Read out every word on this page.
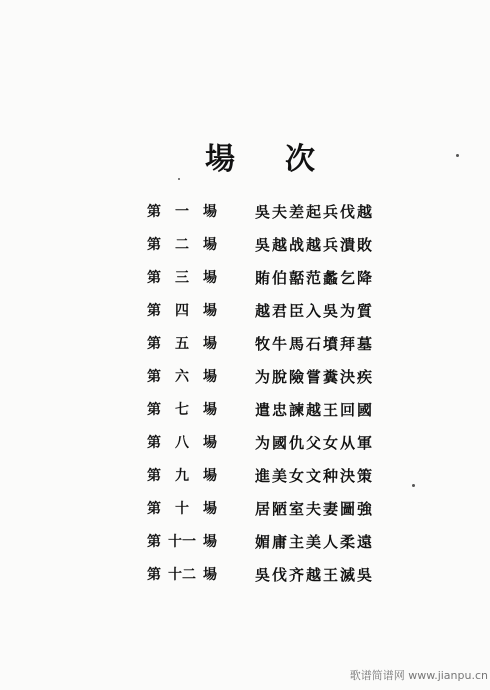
場 次
第 一 場	吳夫差起兵伐越
第 二 場	吳越战越兵潰敗
第 三 場	賄伯嚭范蠡乞降
第 四 場	越君臣入吳为質
第 五 場	牧牛馬石墳拜墓
第 六 場	为脫險嘗糞決疾
第 七 場	遣忠諫越王回國
第 八 場	为國仇父女从軍
第 九 場	進美女文种決策
第 十 場	居陋室夫妻圖強
第 十一 場	媚庸主美人柔遠
第 十二 場	吳伐齐越王滅吳
歌谱简谱网 www.jianpu.cn
